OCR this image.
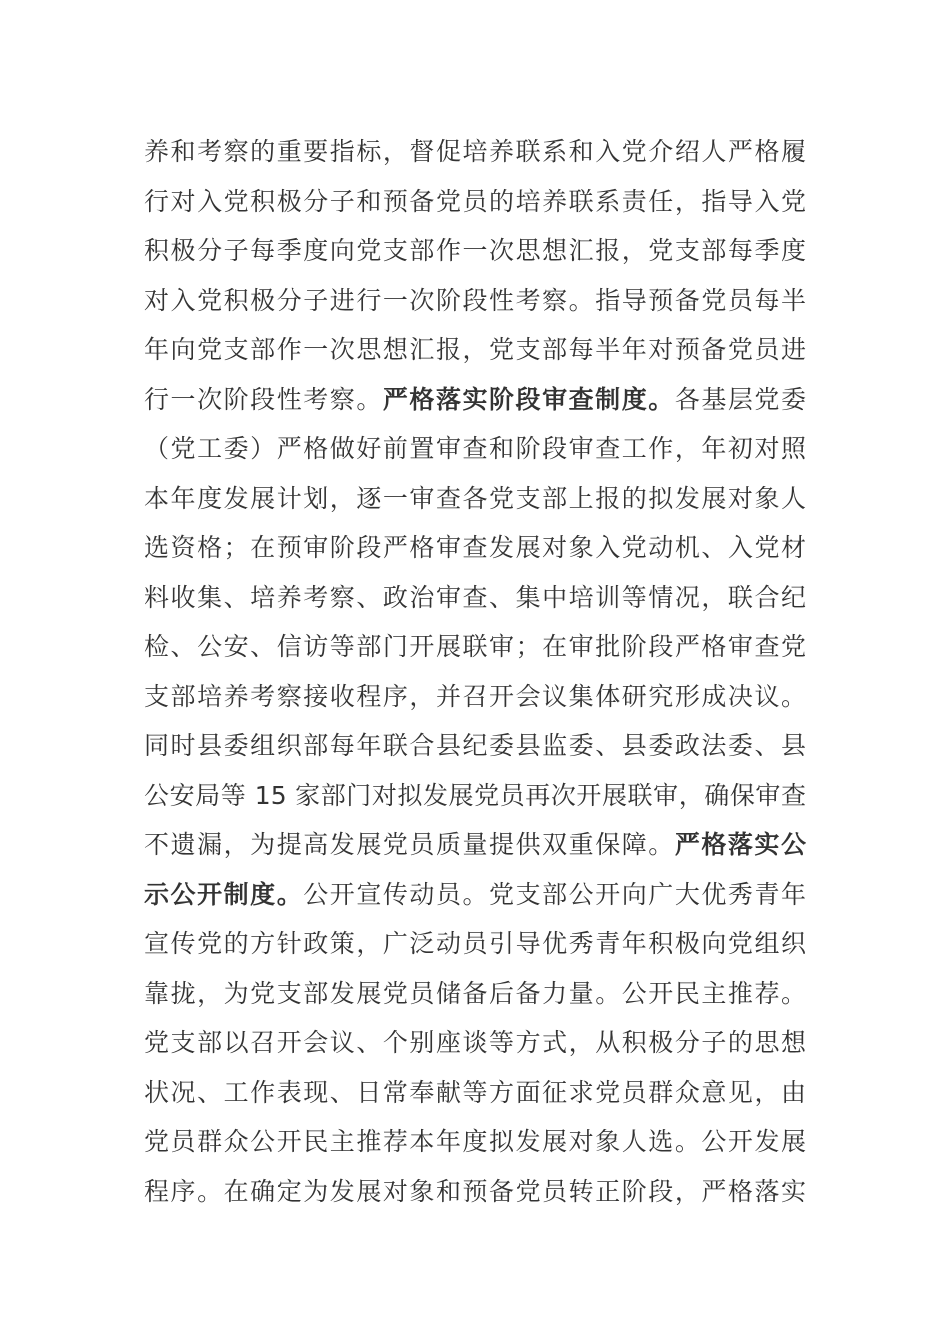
养和考察的重要指标，督促培养联系和入党介绍人严格履
行对入党积极分子和预备党员的培养联系责任，指导入党
积极分子每季度向党支部作一次思想汇报，党支部每季度
对入党积极分子进行一次阶段性考察。指导预备党员每半
年向党支部作一次思想汇报，党支部每半年对预备党员进
行一次阶段性考察。严格落实阶段审查制度。各基层党委
（党工委）严格做好前置审查和阶段审查工作，年初对照
本年度发展计划，逐一审查各党支部上报的拟发展对象人
选资格；在预审阶段严格审查发展对象入党动机、入党材
料收集、培养考察、政治审查、集中培训等情况，联合纪
检、公安、信访等部门开展联审；在审批阶段严格审查党
支部培养考察接收程序，并召开会议集体研究形成决议。
同时县委组织部每年联合县纪委县监委、县委政法委、县
公安局等 15 家部门对拟发展党员再次开展联审，确保审查
不遗漏，为提高发展党员质量提供双重保障。严格落实公
示公开制度。公开宣传动员。党支部公开向广大优秀青年
宣传党的方针政策，广泛动员引导优秀青年积极向党组织
靠拢，为党支部发展党员储备后备力量。公开民主推荐。
党支部以召开会议、个别座谈等方式，从积极分子的思想
状况、工作表现、日常奉献等方面征求党员群众意见，由
党员群众公开民主推荐本年度拟发展对象人选。公开发展
程序。在确定为发展对象和预备党员转正阶段，严格落实
